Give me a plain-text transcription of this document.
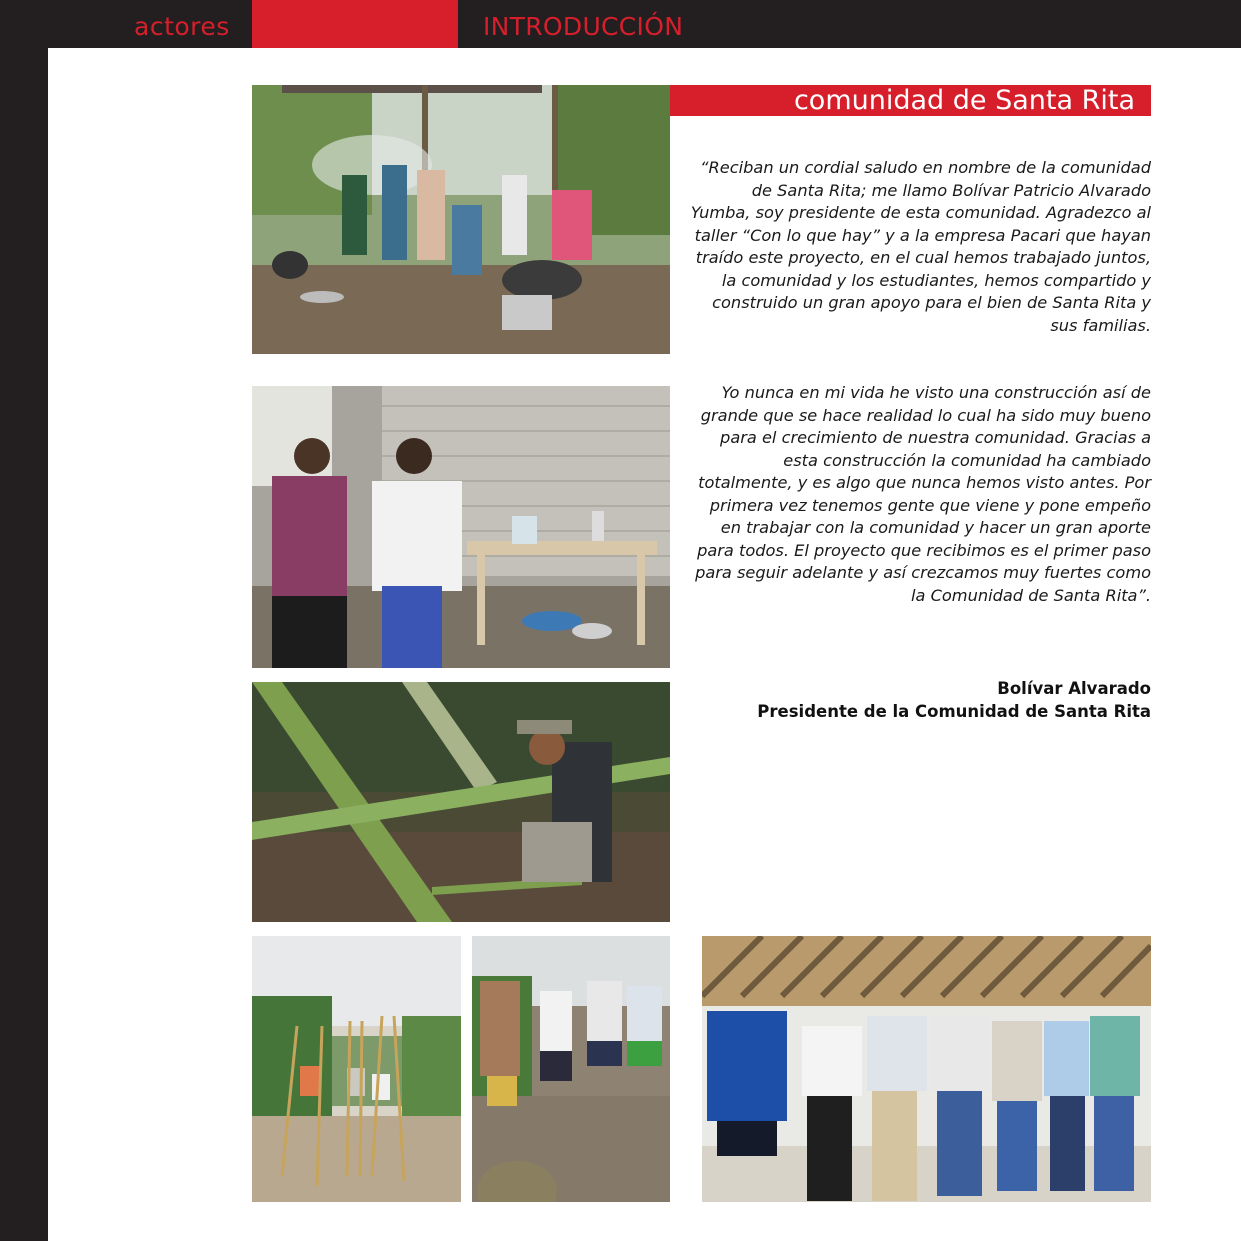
actores	INTRODUCCIÓN
comunidad de Santa Rita

“Reciban un cordial saludo en nombre de la comunidad de Santa Rita; me llamo Bolívar Patricio Alvarado Yumba, soy presidente de esta comunidad. Agradezco al taller “Con lo que hay” y a la empresa Pacari que hayan traído este proyecto, en el cual hemos trabajado juntos, la comunidad y los estudiantes, hemos compartido y construido un gran apoyo para el bien de Santa Rita y sus familias.

Yo nunca en mi vida he visto una construcción así de grande que se hace realidad lo cual ha sido muy bueno para el crecimiento de nuestra comunidad. Gracias a esta construcción la comunidad ha cambiado totalmente, y es algo que nunca hemos visto antes. Por primera vez tenemos gente que viene y pone empeño en trabajar con la comunidad y hacer un gran aporte para todos. El proyecto que recibimos es el primer paso para seguir adelante y así crezcamos muy fuertes como la Comunidad de Santa Rita”.

Bolívar Alvarado
Presidente de la Comunidad de Santa Rita
